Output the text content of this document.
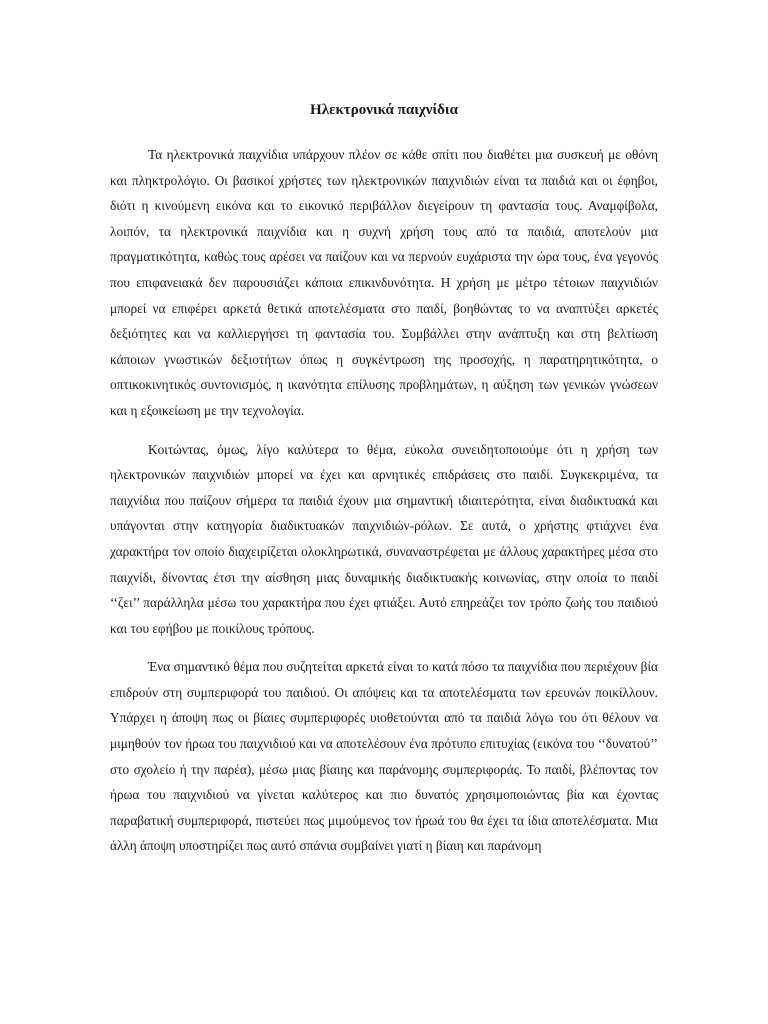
Ηλεκτρονικά παιχνίδια

Τα ηλεκτρονικά παιχνίδια υπάρχουν πλέον σε κάθε σπίτι που διαθέτει μια συσκευή με οθόνη και πληκτρολόγιο. Οι βασικοί χρήστες των ηλεκτρονικών παιχνιδιών είναι τα παιδιά και οι έφηβοι, διότι η κινούμενη εικόνα και το εικονικό περιβάλλον διεγείρουν τη φαντασία τους. Αναμφίβολα, λοιπόν, τα ηλεκτρονικά παιχνίδια και η συχνή χρήση τους από τα παιδιά, αποτελούν μια πραγματικότητα, καθώς τους αρέσει να παίζουν και να περνούν ευχάριστα την ώρα τους, ένα γεγονός που επιφανειακά δεν παρουσιάζει κάποια επικινδυνότητα. Η χρήση με μέτρο τέτοιων παιχνιδιών μπορεί να επιφέρει αρκετά θετικά αποτελέσματα στο παιδί, βοηθώντας το να αναπτύξει αρκετές δεξιότητες και να καλλιεργήσει τη φαντασία του. Συμβάλλει στην ανάπτυξη και στη βελτίωση κάποιων γνωστικών δεξιοτήτων όπως η συγκέντρωση της προσοχής, η παρατηρητικότητα, ο οπτικοκινητικός συντονισμός, η ικανότητα επίλυσης προβλημάτων, η αύξηση των γενικών γνώσεων και η εξοικείωση με την τεχνολογία.

Κοιτώντας, όμως, λίγο καλύτερα το θέμα, εύκολα συνειδητοποιούμε ότι η χρήση των ηλεκτρονικών παιχνιδιών μπορεί να έχει και αρνητικές επιδράσεις στο παιδί. Συγκεκριμένα, τα παιχνίδια που παίζουν σήμερα τα παιδιά έχουν μια σημαντική ιδιαιτερότητα, είναι διαδικτυακά και υπάγονται στην κατηγορία διαδικτυακών παιχνιδιών-ρόλων. Σε αυτά, ο χρήστης φτιάχνει ένα χαρακτήρα τον οποίο διαχειρίζεται ολοκληρωτικά, συναναστρέφεται με άλλους χαρακτήρες μέσα στο παιχνίδι, δίνοντας έτσι την αίσθηση μιας δυναμικής διαδικτυακής κοινωνίας, στην οποία το παιδί ‘‘ζει’’ παράλληλα μέσω του χαρακτήρα που έχει φτιάξει. Αυτό επηρεάζει τον τρόπο ζωής του παιδιού και του εφήβου με ποικίλους τρόπους.

Ένα σημαντικό θέμα που συζητείται αρκετά είναι το κατά πόσο τα παιχνίδια που περιέχουν βία επιδρούν στη συμπεριφορά του παιδιού. Οι απόψεις και τα αποτελέσματα των ερευνών ποικίλλουν. Υπάρχει η άποψη πως οι βίαιες συμπεριφορές υιοθετούνται από τα παιδιά λόγω του ότι θέλουν να μιμηθούν τον ήρωα του παιχνιδιού και να αποτελέσουν ένα πρότυπο επιτυχίας (εικόνα του ‘‘δυνατού’’ στο σχολείο ή την παρέα), μέσω μιας βίαιης και παράνομης συμπεριφοράς. Το παιδί, βλέποντας τον ήρωα του παιχνιδιού να γίνεται καλύτερος και πιο δυνατός χρησιμοποιώντας βία και έχοντας παραβατική συμπεριφορά, πιστεύει πως μιμούμενος τον ήρωά του θα έχει τα ίδια αποτελέσματα. Μια άλλη άποψη υποστηρίζει πως αυτό σπάνια συμβαίνει γιατί η βίαιη και παράνομη
